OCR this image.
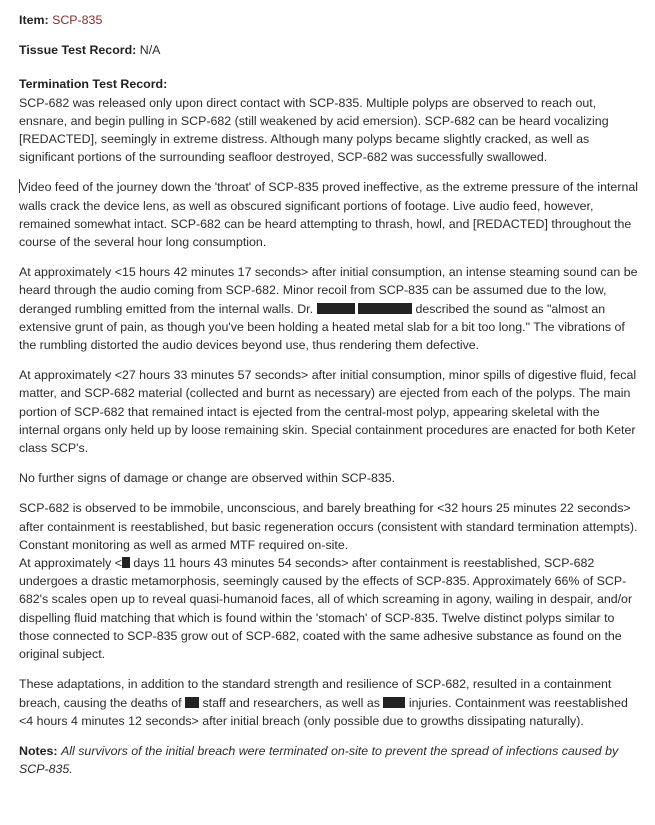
Item: SCP-835
Tissue Test Record: N/A
Termination Test Record:

SCP-682 was released only upon direct contact with SCP-835. Multiple polyps are observed to reach out, ensnare, and begin pulling in SCP-682 (still weakened by acid emersion). SCP-682 can be heard vocalizing [REDACTED], seemingly in extreme distress. Although many polyps became slightly cracked, as well as significant portions of the surrounding seafloor destroyed, SCP-682 was successfully swallowed.

Video feed of the journey down the 'throat' of SCP-835 proved ineffective, as the extreme pressure of the internal walls crack the device lens, as well as obscured significant portions of footage. Live audio feed, however, remained somewhat intact. SCP-682 can be heard attempting to thrash, howl, and [REDACTED] throughout the course of the several hour long consumption.

At approximately <15 hours 42 minutes 17 seconds> after initial consumption, an intense steaming sound can be heard through the audio coming from SCP-682. Minor recoil from SCP-835 can be assumed due to the low, deranged rumbling emitted from the internal walls. Dr.	described the sound as "almost an extensive grunt of pain, as though you've been holding a heated metal slab for a bit too long." The vibrations of the rumbling distorted the audio devices beyond use, thus rendering them defective.

At approximately <27 hours 33 minutes 57 seconds> after initial consumption, minor spills of digestive fluid, fecal matter, and SCP-682 material (collected and burnt as necessary) are ejected from each of the polyps. The main portion of SCP-682 that remained intact is ejected from the central-most polyp, appearing skeletal with the internal organs only held up by loose remaining skin. Special containment procedures are enacted for both Keter class SCP's.

No further signs of damage or change are observed within SCP-835.

SCP-682 is observed to be immobile, unconscious, and barely breathing for <32 hours 25 minutes 22 seconds> after containment is reestablished, but basic regeneration occurs (consistent with standard termination attempts). Constant monitoring as well as armed MTF required on-site.

At approximately < days 11 hours 43 minutes 54 seconds> after containment is reestablished, SCP-682 undergoes a drastic metamorphosis, seemingly caused by the effects of SCP-835. Approximately 66% of SCP-682's scales open up to reveal quasi-humanoid faces, all of which screaming in agony, wailing in despair, and/or dispelling fluid matching that which is found within the 'stomach' of SCP-835. Twelve distinct polyps similar to those connected to SCP-835 grow out of SCP-682, coated with the same adhesive substance as found on the original subject.

These adaptations, in addition to the standard strength and resilience of SCP-682, resulted in a containment breach, causing the deaths of  staff and researchers, as well as  injuries. Containment was reestablished <4 hours 4 minutes 12 seconds> after initial breach (only possible due to growths dissipating naturally).

Notes: All survivors of the initial breach were terminated on-site to prevent the spread of infections caused by SCP-835.
